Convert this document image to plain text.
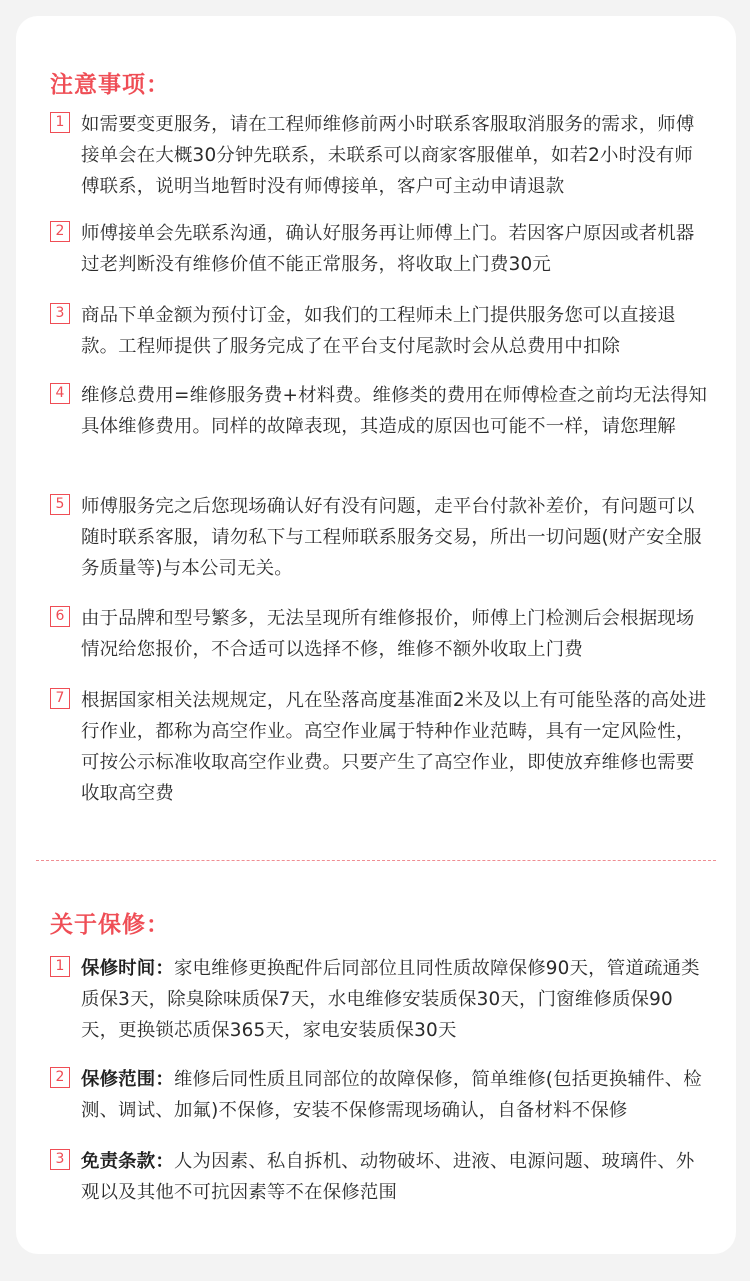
注意事项：
1 如需要变更服务，请在工程师维修前两小时联系客服取消服务的需求，师傅接单会在大概30分钟先联系，未联系可以商家客服催单，如若2小时没有师傅联系，说明当地暂时没有师傅接单，客户可主动申请退款
2 师傅接单会先联系沟通，确认好服务再让师傅上门。若因客户原因或者机器过老判断没有维修价值不能正常服务，将收取上门费30元
3 商品下单金额为预付订金，如我们的工程师未上门提供服务您可以直接退款。工程师提供了服务完成了在平台支付尾款时会从总费用中扣除
4 维修总费用=维修服务费+材料费。维修类的费用在师傅检查之前均无法得知具体维修费用。同样的故障表现，其造成的原因也可能不一样，请您理解
5 师傅服务完之后您现场确认好有没有问题，走平台付款补差价，有问题可以随时联系客服，请勿私下与工程师联系服务交易，所出一切问题(财产安全服务质量等)与本公司无关。
6 由于品牌和型号繁多，无法呈现所有维修报价，师傅上门检测后会根据现场情况给您报价，不合适可以选择不修，维修不额外收取上门费
7 根据国家相关法规规定，凡在坠落高度基准面2米及以上有可能坠落的高处进行作业，都称为高空作业。高空作业属于特种作业范畴，具有一定风险性，可按公示标准收取高空作业费。只要产生了高空作业，即使放弃维修也需要收取高空费
关于保修：
1 保修时间：家电维修更换配件后同部位且同性质故障保修90天，管道疏通类质保3天，除臭除味质保7天，水电维修安装质保30天，门窗维修质保90天，更换锁芯质保365天，家电安装质保30天
2 保修范围：维修后同性质且同部位的故障保修，简单维修(包括更换辅件、检测、调试、加氟)不保修，安装不保修需现场确认，自备材料不保修
3 免责条款：人为因素、私自拆机、动物破坏、进液、电源问题、玻璃件、外观以及其他不可抗因素等不在保修范围
